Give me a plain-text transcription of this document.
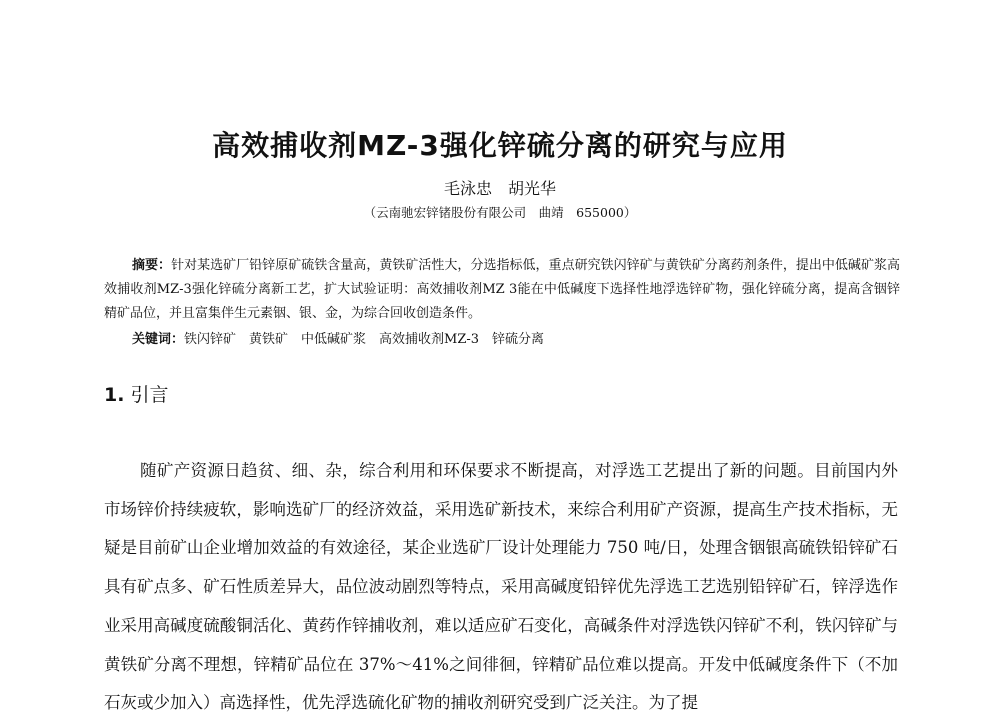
高效捕收剂MZ-3强化锌硫分离的研究与应用
毛泳忠　胡光华
（云南驰宏锌锗股份有限公司　曲靖　655000）
摘要：针对某选矿厂铅锌原矿硫铁含量高，黄铁矿活性大，分选指标低，重点研究铁闪锌矿与黄铁矿分离药剂条件，提出中低碱矿浆高效捕收剂MZ-3强化锌硫分离新工艺，扩大试验证明：高效捕收剂MZ 3能在中低碱度下选择性地浮选锌矿物，强化锌硫分离，提高含铟锌精矿品位，并且富集伴生元素铟、银、金，为综合回收创造条件。
关键词：铁闪锌矿　黄铁矿　中低碱矿浆　高效捕收剂MZ-3　锌硫分离
1. 引言
随矿产资源日趋贫、细、杂，综合利用和环保要求不断提高，对浮选工艺提出了新的问题。目前国内外市场锌价持续疲软，影响选矿厂的经济效益，采用选矿新技术，来综合利用矿产资源，提高生产技术指标，无疑是目前矿山企业增加效益的有效途径，某企业选矿厂设计处理能力 750 吨/日，处理含铟银高硫铁铅锌矿石具有矿点多、矿石性质差异大，品位波动剧烈等特点，采用高碱度铅锌优先浮选工艺选别铅锌矿石，锌浮选作业采用高碱度硫酸铜活化、黄药作锌捕收剂，难以适应矿石变化，高碱条件对浮选铁闪锌矿不利，铁闪锌矿与黄铁矿分离不理想，锌精矿品位在 37%～41%之间徘徊，锌精矿品位难以提高。开发中低碱度条件下（不加石灰或少加入）高选择性，优先浮选硫化矿物的捕收剂研究受到广泛关注。为了提
